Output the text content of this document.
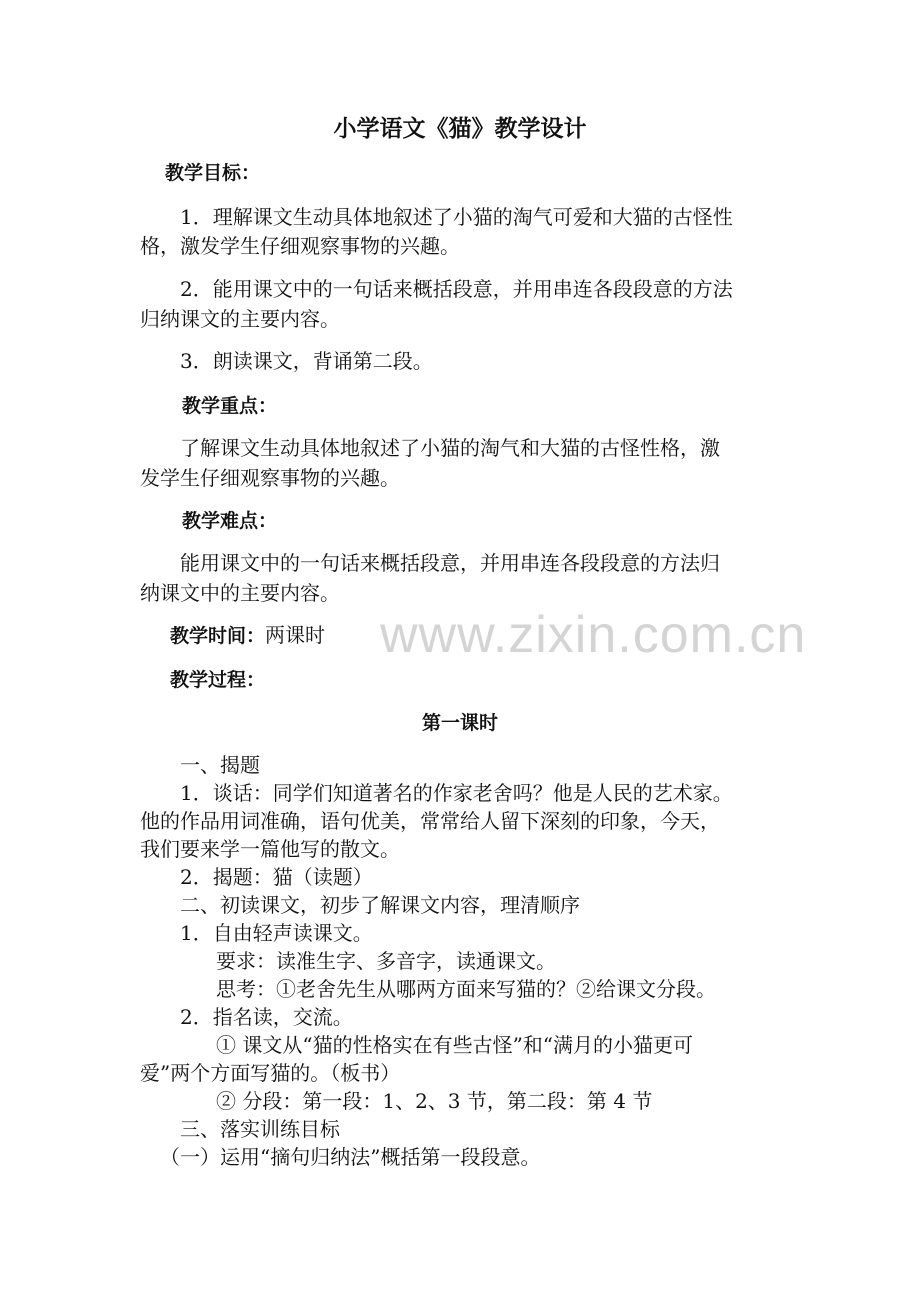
小学语文《猫》教学设计
教学目标：
1．理解课文生动具体地叙述了小猫的淘气可爱和大猫的古怪性
格，激发学生仔细观察事物的兴趣。
2．能用课文中的一句话来概括段意，并用串连各段段意的方法
归纳课文的主要内容。
3．朗读课文，背诵第二段。
教学重点：
了解课文生动具体地叙述了小猫的淘气和大猫的古怪性格，激
发学生仔细观察事物的兴趣。
教学难点：
能用课文中的一句话来概括段意，并用串连各段段意的方法归
纳课文中的主要内容。
www.zixin.com.cn
教学时间：两课时
教学过程：
第一课时
一、揭题
1．谈话：同学们知道著名的作家老舍吗？他是人民的艺术家。
他的作品用词准确，语句优美，常常给人留下深刻的印象，今天，
我们要来学一篇他写的散文。
2．揭题：猫（读题）
二、初读课文，初步了解课文内容，理清顺序
1．自由轻声读课文。
要求：读准生字、多音字，读通课文。
思考：①老舍先生从哪两方面来写猫的？②给课文分段。
2．指名读，交流。
① 课文从“猫的性格实在有些古怪”和“满月的小猫更可
爱”两个方面写猫的。（板书）
② 分段：第一段：1、2、3 节，第二段：第 4 节
三、落实训练目标
（一）运用“摘句归纳法”概括第一段段意。
